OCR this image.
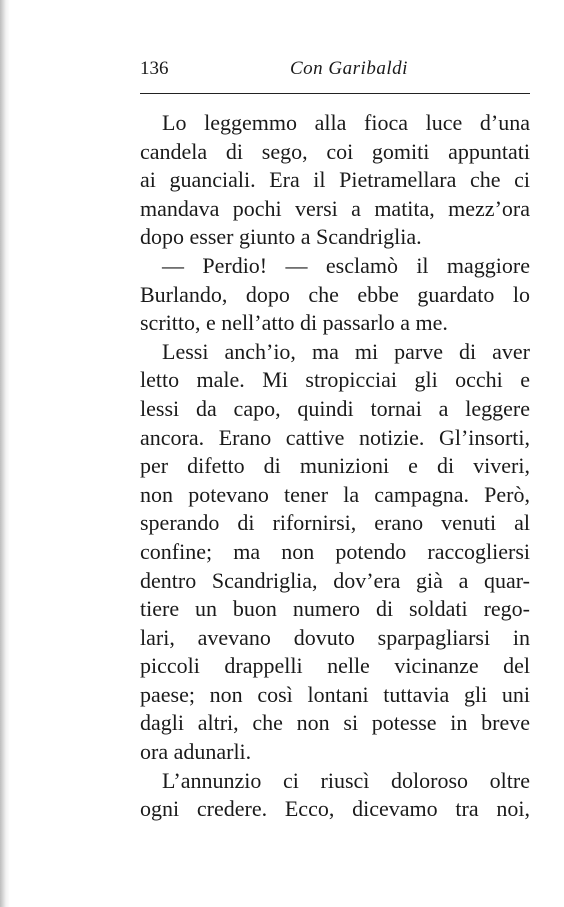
136	Con Garibaldi
Lo leggemmo alla fioca luce d’una
candela di sego, coi gomiti appuntati
ai guanciali. Era il Pietramellara che ci
mandava pochi versi a matita, mezz’ora
dopo esser giunto a Scandriglia.
— Perdio! — esclamò il maggiore
Burlando, dopo che ebbe guardato lo
scritto, e nell’atto di passarlo a me.
Lessi anch’io, ma mi parve di aver
letto male. Mi stropicciai gli occhi e
lessi da capo, quindi tornai a leggere
ancora. Erano cattive notizie. Gl’insorti,
per difetto di munizioni e di viveri,
non potevano tener la campagna. Però,
sperando di rifornirsi, erano venuti al
confine; ma non potendo raccogliersi
dentro Scandriglia, dov’era già a quar-
tiere un buon numero di soldati rego-
lari, avevano dovuto sparpagliarsi in
piccoli drappelli nelle vicinanze del
paese; non così lontani tuttavia gli uni
dagli altri, che non si potesse in breve
ora adunarli.
L’annunzio ci riuscì doloroso oltre
ogni credere. Ecco, dicevamo tra noi,
